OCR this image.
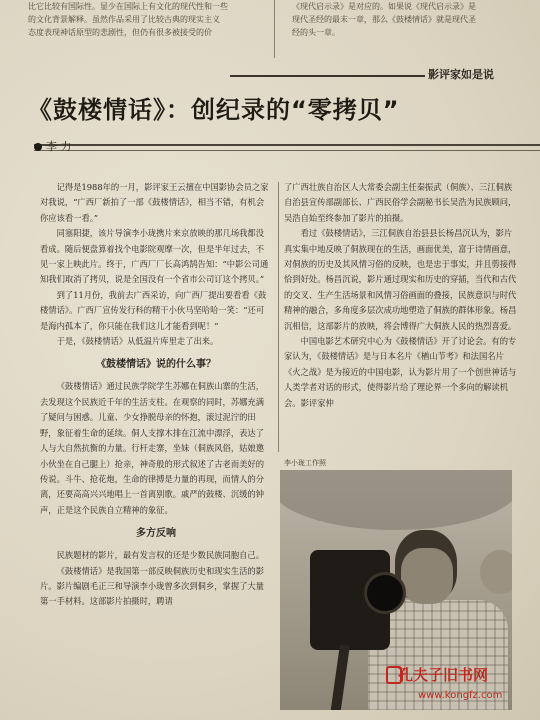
比它比较有国际性。显少在国际上有文化的现代性和一些

的文化背景解释。虽然作品采用了比较古典的现实主义

态度表现神话原型的悲剧性，但仍有很多被接受的价

《现代启示录》是对应的。如果说《现代启示录》是

现代圣经的最末一章，那么《鼓楼情话》就是现代圣

经的头一章。

影评家如是说
《鼓楼情话》：创纪录的“零拷贝”
李 力

记得是1988年的一月，影评家王云擅在中国影协会员之家对我说，“广西厂新拍了一部《鼓楼情话》，相当不错，有机会你应该看一看。”

同塞阳捷，该片导演李小珑携片来京放映的那几场我都没看成。随后便盘算着找个电影院观摩一次，但是半年过去，不见一家上映此片。终于，广西厂厂长高鸿鹄告知：“中影公司通知我们取消了拷贝，说是全国没有一个省市公司订这个拷贝。”

到了11月份，我前去广西采访，向广西厂提出要看看《鼓楼情话》。广西厂宣传发行科的精干小伙马坚哈哈一笑：“还可是海内孤本了，你只能在我们这儿才能看到呢！”

于是，《鼓楼情话》从低温片库里走了出来。

《鼓楼情话》说的什么事？

《鼓楼情话》通过民族学院学生苏娜在侗族山寨的生活，去发现这个民族近千年的生活支柱。在观察的同时，苏娜充满了疑问与困惑。儿童、少女挣脱母亲的怀抱，滚过泥泞的田野，象征着生命的延续。侗人支撑木排在江流中漂浮，表达了人与大自然抗衡的力量。行杆走寨，坐妹（侗族风俗，姑娘邀小伙坐在自己腿上）抢亲，神奇般的形式叙述了古老而美好的传说。斗牛、抢花炮，生命的律搏是力量的再现，而情人的分离，还要高高兴兴地唱上一首离别歌。戚严的鼓楼、沉缓的钟声，正是这个民族自立精神的象征。

多方反响

民族题材的影片，最有发言权的还是少数民族同胞自己。

《鼓楼情话》是我国第一部反映侗族历史和现实生活的影片。影片编剧毛正三和导演李小珑曾多次到侗乡，掌握了大量第一手材料。这部影片拍摄时，聘请

了广西壮族自治区人大常委会副主任秦振武（侗族）、三江侗族自治县宣传部副部长、广西民俗学会副秘书长吴浩为民族顾问，吴浩自始至终参加了影片的拍摄。

看过《鼓楼情话》，三江侗族自治县县长杨昌沉认为，影片真实集中地反映了侗族现在的生活，画面优美，富于诗情画意，对侗族的历史及其风情习俗的反映，也是忠于事实，并且剪接得恰到好处。杨昌沉说，影片通过现实和历史的穿插，当代和古代的交叉、生产生活场景和风情习俗画面的叠接，民族意识与时代精神的融合，多角度多层次成功地塑造了侗族的群体形象。杨昌沉相信，这部影片的放映，将会博得广大侗族人民的热烈喜爱。

中国电影艺术研究中心为《鼓楼情话》开了讨论会。有的专家认为，《鼓楼情话》是与日本名片《楢山节考》和法国名片《火之战》是为接近的中国电影，认为影片用了一个创世神话与人类学者对话的形式，使得影片给了理论界一个多向的解读机会。影评家仲

李小珑工作照
孔夫子旧书网
www.kongfz.com
